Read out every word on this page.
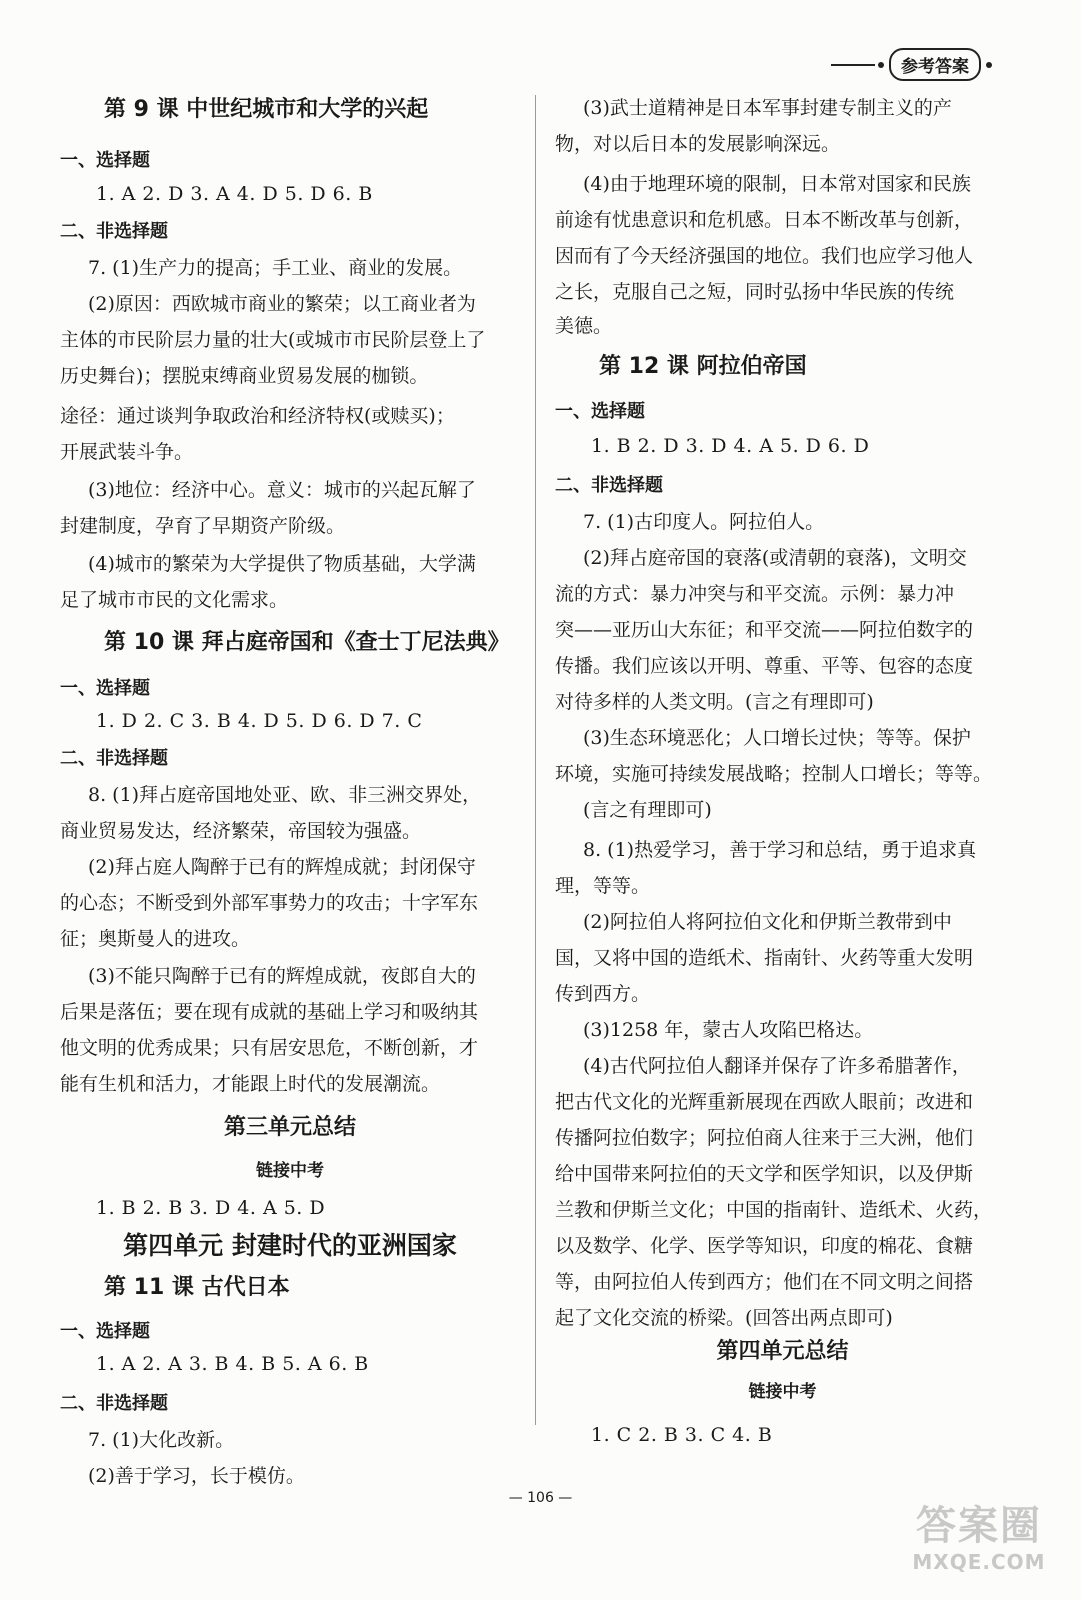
参考答案
第 9 课 中世纪城市和大学的兴起
一、选择题
1. A 2. D 3. A 4. D 5. D 6. B
二、非选择题
7. (1)生产力的提高；手工业、商业的发展。
(2)原因：西欧城市商业的繁荣；以工商业者为
主体的市民阶层力量的壮大(或城市市民阶层登上了
历史舞台)；摆脱束缚商业贸易发展的枷锁。
途径：通过谈判争取政治和经济特权(或赎买)；
开展武装斗争。
(3)地位：经济中心。意义：城市的兴起瓦解了
封建制度，孕育了早期资产阶级。
(4)城市的繁荣为大学提供了物质基础，大学满
足了城市市民的文化需求。
第 10 课 拜占庭帝国和《查士丁尼法典》
一、选择题
1. D 2. C 3. B 4. D 5. D 6. D 7. C
二、非选择题
8. (1)拜占庭帝国地处亚、欧、非三洲交界处，
商业贸易发达，经济繁荣，帝国较为强盛。
(2)拜占庭人陶醉于已有的辉煌成就；封闭保守
的心态；不断受到外部军事势力的攻击；十字军东
征；奥斯曼人的进攻。
(3)不能只陶醉于已有的辉煌成就，夜郎自大的
后果是落伍；要在现有成就的基础上学习和吸纳其
他文明的优秀成果；只有居安思危，不断创新，才
能有生机和活力，才能跟上时代的发展潮流。
第三单元总结
链接中考
1. B 2. B 3. D 4. A 5. D
第四单元 封建时代的亚洲国家
第 11 课 古代日本
一、选择题
1. A 2. A 3. B 4. B 5. A 6. B
二、非选择题
7. (1)大化改新。
(2)善于学习，长于模仿。
(3)武士道精神是日本军事封建专制主义的产
物，对以后日本的发展影响深远。
(4)由于地理环境的限制，日本常对国家和民族
前途有忧患意识和危机感。日本不断改革与创新，
因而有了今天经济强国的地位。我们也应学习他人
之长，克服自己之短，同时弘扬中华民族的传统
美德。
第 12 课 阿拉伯帝国
一、选择题
1. B 2. D 3. D 4. A 5. D 6. D
二、非选择题
7. (1)古印度人。阿拉伯人。
(2)拜占庭帝国的衰落(或清朝的衰落)，文明交
流的方式：暴力冲突与和平交流。示例：暴力冲
突——亚历山大东征；和平交流——阿拉伯数字的
传播。我们应该以开明、尊重、平等、包容的态度
对待多样的人类文明。(言之有理即可)
(3)生态环境恶化；人口增长过快；等等。保护
环境，实施可持续发展战略；控制人口增长；等等。
(言之有理即可)
8. (1)热爱学习，善于学习和总结，勇于追求真
理，等等。
(2)阿拉伯人将阿拉伯文化和伊斯兰教带到中
国，又将中国的造纸术、指南针、火药等重大发明
传到西方。
(3)1258 年，蒙古人攻陷巴格达。
(4)古代阿拉伯人翻译并保存了许多希腊著作，
把古代文化的光辉重新展现在西欧人眼前；改进和
传播阿拉伯数字；阿拉伯商人往来于三大洲，他们
给中国带来阿拉伯的天文学和医学知识，以及伊斯
兰教和伊斯兰文化；中国的指南针、造纸术、火药，
以及数学、化学、医学等知识，印度的棉花、食糖
等，由阿拉伯人传到西方；他们在不同文明之间搭
起了文化交流的桥梁。(回答出两点即可)
第四单元总结
链接中考
1. C 2. B 3. C 4. B
— 106 —
答案圈
MXQE.COM
